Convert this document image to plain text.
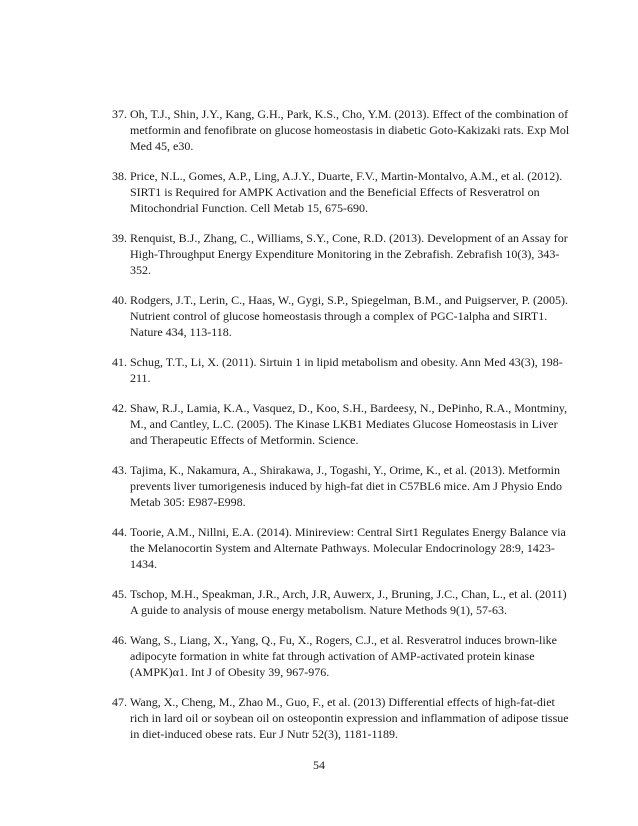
37. Oh, T.J., Shin, J.Y., Kang, G.H., Park, K.S., Cho, Y.M. (2013). Effect of the combination of metformin and fenofibrate on glucose homeostasis in diabetic Goto-Kakizaki rats. Exp Mol Med 45, e30.
38. Price, N.L., Gomes, A.P., Ling, A.J.Y., Duarte, F.V., Martin-Montalvo, A.M., et al. (2012). SIRT1 is Required for AMPK Activation and the Beneficial Effects of Resveratrol on Mitochondrial Function. Cell Metab 15, 675-690.
39. Renquist, B.J., Zhang, C., Williams, S.Y., Cone, R.D. (2013). Development of an Assay for High-Throughput Energy Expenditure Monitoring in the Zebrafish. Zebrafish 10(3), 343-352.
40. Rodgers, J.T., Lerin, C., Haas, W., Gygi, S.P., Spiegelman, B.M., and Puigserver, P. (2005). Nutrient control of glucose homeostasis through a complex of PGC-1alpha and SIRT1. Nature 434, 113-118.
41. Schug, T.T., Li, X. (2011). Sirtuin 1 in lipid metabolism and obesity. Ann Med 43(3), 198-211.
42. Shaw, R.J., Lamia, K.A., Vasquez, D., Koo, S.H., Bardeesy, N., DePinho, R.A., Montminy, M., and Cantley, L.C. (2005). The Kinase LKB1 Mediates Glucose Homeostasis in Liver and Therapeutic Effects of Metformin. Science.
43. Tajima, K., Nakamura, A., Shirakawa, J., Togashi, Y., Orime, K., et al. (2013). Metformin prevents liver tumorigenesis induced by high-fat diet in C57BL6 mice. Am J Physio Endo Metab 305: E987-E998.
44. Toorie, A.M., Nillni, E.A. (2014). Minireview: Central Sirt1 Regulates Energy Balance via the Melanocortin System and Alternate Pathways. Molecular Endocrinology 28:9, 1423-1434.
45. Tschop, M.H., Speakman, J.R., Arch, J.R, Auwerx, J., Bruning, J.C., Chan, L., et al. (2011) A guide to analysis of mouse energy metabolism. Nature Methods 9(1), 57-63.
46. Wang, S., Liang, X., Yang, Q., Fu, X., Rogers, C.J., et al. Resveratrol induces brown-like adipocyte formation in white fat through activation of AMP-activated protein kinase (AMPK)α1. Int J of Obesity 39, 967-976.
47. Wang, X., Cheng, M., Zhao M., Guo, F., et al. (2013) Differential effects of high-fat-diet rich in lard oil or soybean oil on osteopontin expression and inflammation of adipose tissue in diet-induced obese rats. Eur J Nutr 52(3), 1181-1189.
54
